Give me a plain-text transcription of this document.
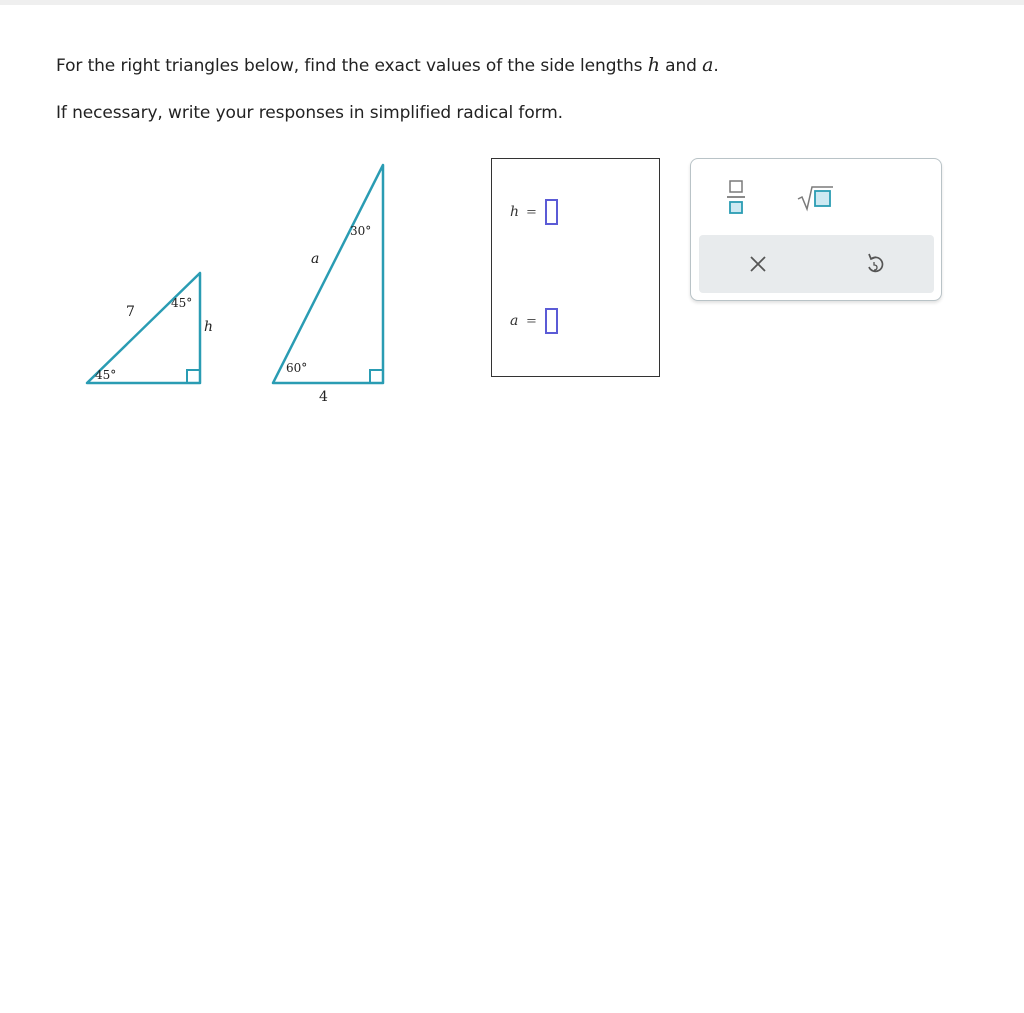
For the right triangles below, find the exact values of the side lengths h and a.
If necessary, write your responses in simplified radical form.
7
45°
45°
h
a
30°
60°
4
h =
a =
